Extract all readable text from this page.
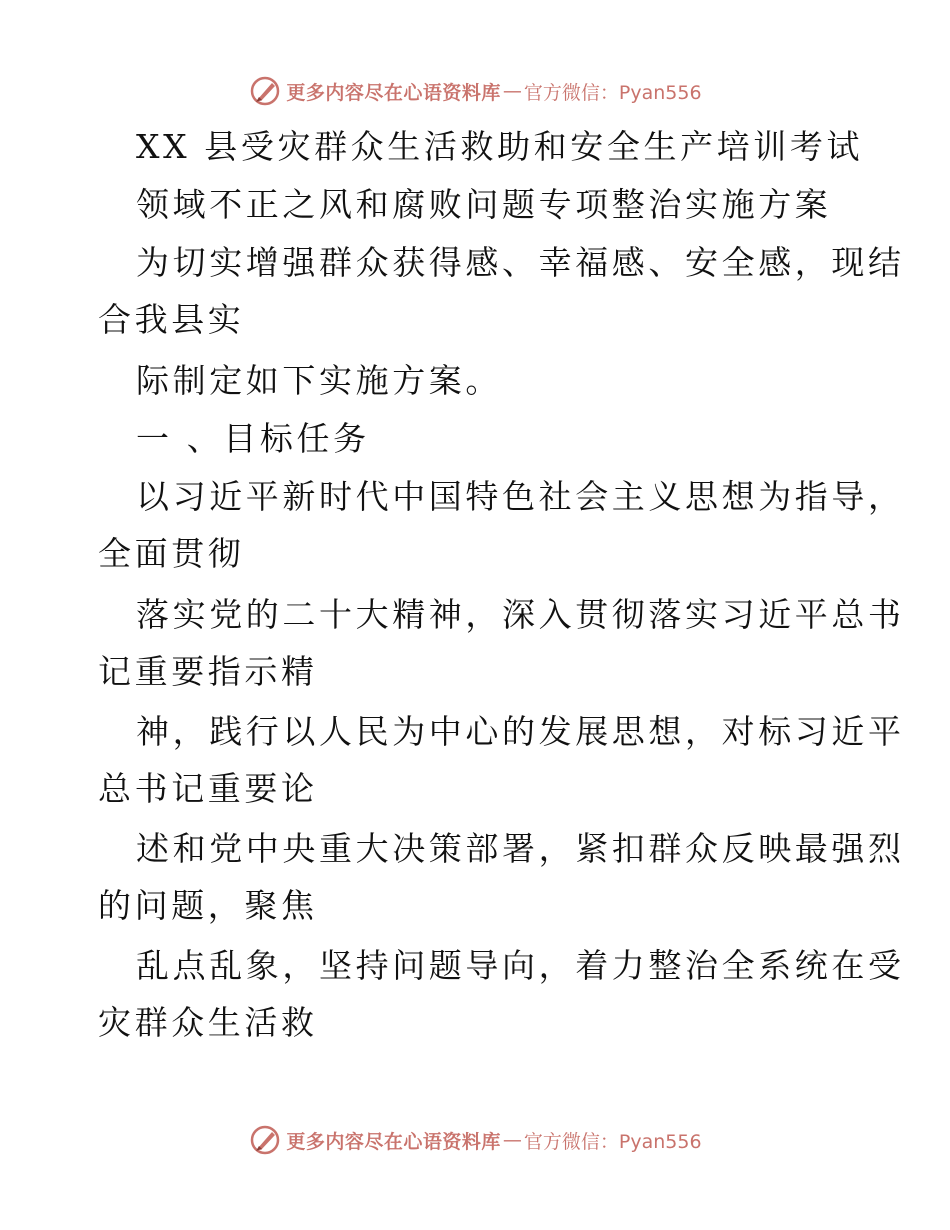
更多内容尽在心语资料库 — 官方微信：Pyan556
XX 县受灾群众生活救助和安全生产培训考试
领域不正之风和腐败问题专项整治实施方案
为切实增强群众获得感、幸福感、安全感，现结
合我县实
际制定如下实施方案。
一 、目标任务
以习近平新时代中国特色社会主义思想为指导，
全面贯彻
落实党的二十大精神，深入贯彻落实习近平总书
记重要指示精
神，践行以人民为中心的发展思想，对标习近平
总书记重要论
述和党中央重大决策部署，紧扣群众反映最强烈
的问题，聚焦
乱点乱象，坚持问题导向，着力整治全系统在受
灾群众生活救
更多内容尽在心语资料库 — 官方微信：Pyan556
